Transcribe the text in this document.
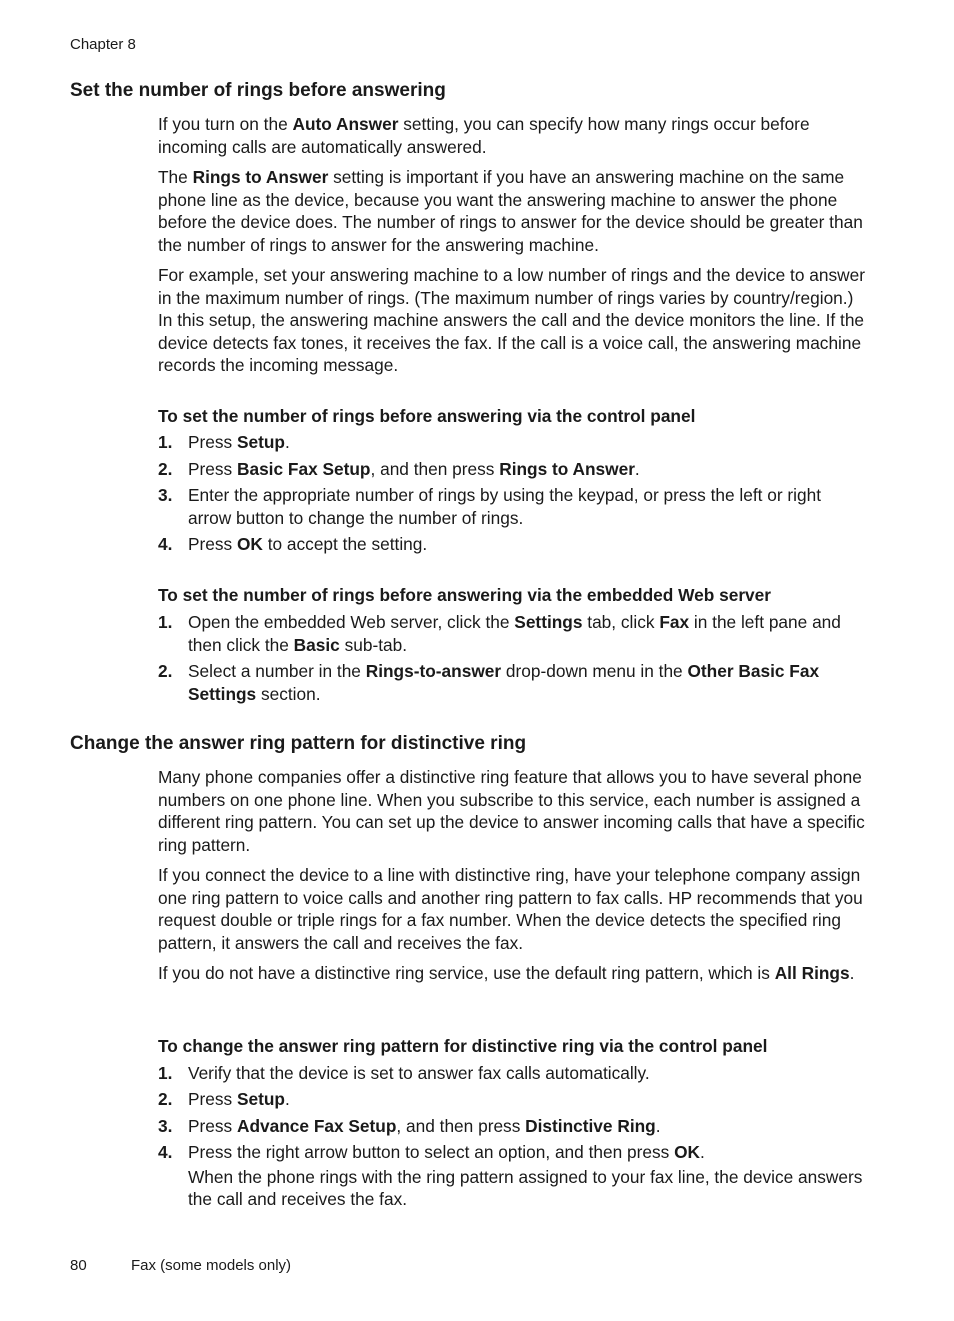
Chapter 8
Set the number of rings before answering

If you turn on the Auto Answer setting, you can specify how many rings occur before incoming calls are automatically answered.

The Rings to Answer setting is important if you have an answering machine on the same phone line as the device, because you want the answering machine to answer the phone before the device does. The number of rings to answer for the device should be greater than the number of rings to answer for the answering machine.

For example, set your answering machine to a low number of rings and the device to answer in the maximum number of rings. (The maximum number of rings varies by country/region.) In this setup, the answering machine answers the call and the device monitors the line. If the device detects fax tones, it receives the fax. If the call is a voice call, the answering machine records the incoming message.

To set the number of rings before answering via the control panel
1. Press Setup.
2. Press Basic Fax Setup, and then press Rings to Answer.
3. Enter the appropriate number of rings by using the keypad, or press the left or right arrow button to change the number of rings.
4. Press OK to accept the setting.
To set the number of rings before answering via the embedded Web server
1. Open the embedded Web server, click the Settings tab, click Fax in the left pane and then click the Basic sub-tab.
2. Select a number in the Rings-to-answer drop-down menu in the Other Basic Fax Settings section.
Change the answer ring pattern for distinctive ring

Many phone companies offer a distinctive ring feature that allows you to have several phone numbers on one phone line. When you subscribe to this service, each number is assigned a different ring pattern. You can set up the device to answer incoming calls that have a specific ring pattern.

If you connect the device to a line with distinctive ring, have your telephone company assign one ring pattern to voice calls and another ring pattern to fax calls. HP recommends that you request double or triple rings for a fax number. When the device detects the specified ring pattern, it answers the call and receives the fax.

If you do not have a distinctive ring service, use the default ring pattern, which is All Rings.

To change the answer ring pattern for distinctive ring via the control panel
1. Verify that the device is set to answer fax calls automatically.
2. Press Setup.
3. Press Advance Fax Setup, and then press Distinctive Ring.
4. Press the right arrow button to select an option, and then press OK.
When the phone rings with the ring pattern assigned to your fax line, the device answers the call and receives the fax.
80	Fax (some models only)
